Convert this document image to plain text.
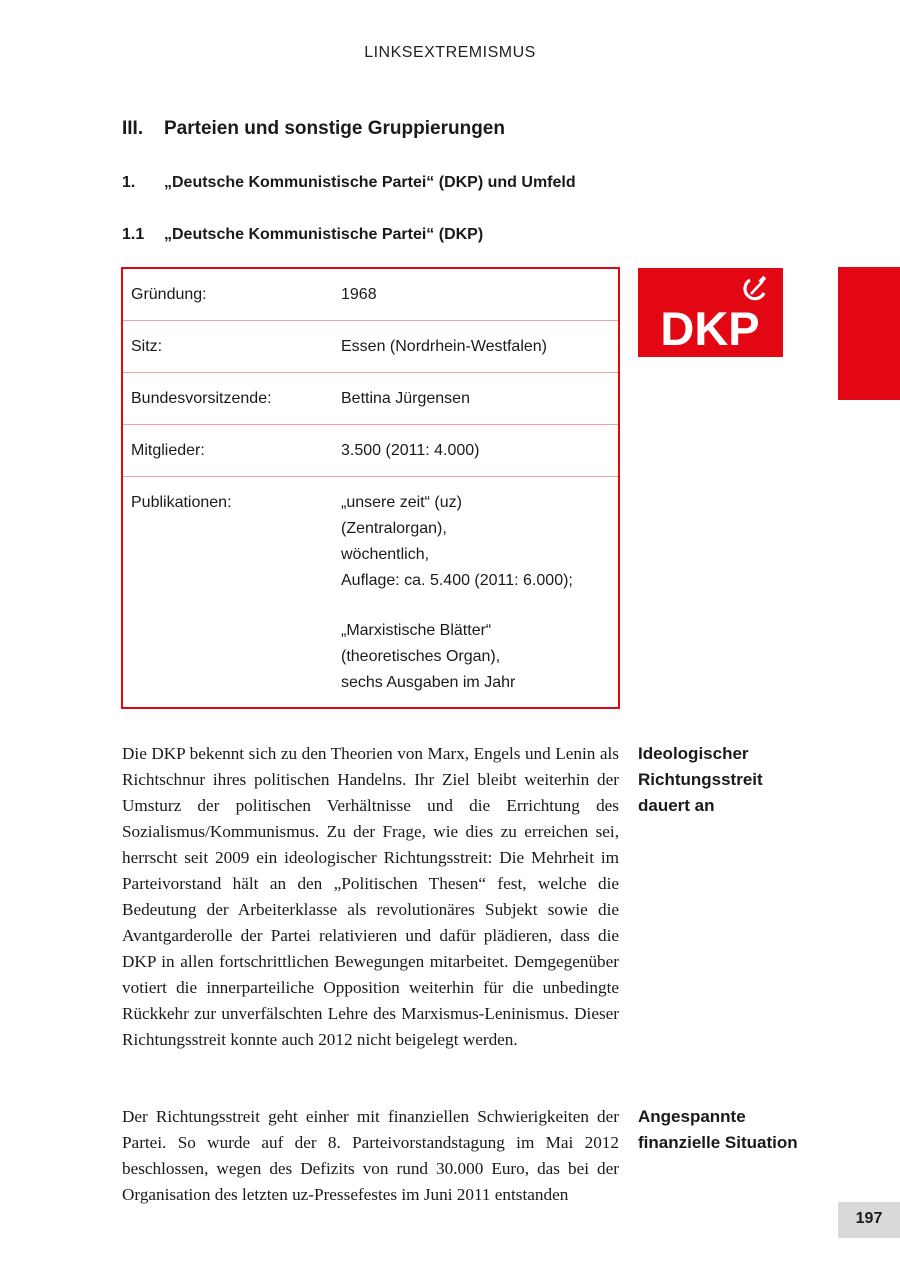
LINKSEXTREMISMUS
III. Parteien und sonstige Gruppierungen
1. „Deutsche Kommunistische Partei“ (DKP) und Umfeld
1.1 „Deutsche Kommunistische Partei“ (DKP)
Gründung:	1968
Sitz:	Essen (Nordrhein-Westfalen)
Bundesvorsitzende:	Bettina Jürgensen
Mitglieder:	3.500 (2011: 4.000)
Publikationen:	„unsere zeit“ (uz)
(Zentralorgan),
wöchentlich,
Auflage: ca. 5.400 (2011: 6.000);
„Marxistische Blätter“
(theoretisches Organ),
sechs Ausgaben im Jahr
DKP

Die DKP bekennt sich zu den Theorien von Marx, Engels und Lenin als Richtschnur ihres politischen Handelns. Ihr Ziel bleibt weiterhin der Umsturz der politischen Verhältnisse und die Errichtung des Sozialismus/Kommunismus. Zu der Frage, wie dies zu erreichen sei, herrscht seit 2009 ein ideologischer Richtungsstreit: Die Mehrheit im Parteivorstand hält an den „Politischen Thesen“ fest, welche die Bedeutung der Arbeiterklasse als revolutionäres Subjekt sowie die Avantgarderolle der Partei relativieren und dafür plädieren, dass die DKP in allen fortschrittlichen Bewegungen mitarbeitet. Demgegenüber votiert die innerparteiliche Opposition weiterhin für die unbedingte Rückkehr zur unverfälschten Lehre des Marxismus-Leninismus. Dieser Richtungsstreit konnte auch 2012 nicht beigelegt werden.

Ideologischer
Richtungsstreit
dauert an

Der Richtungsstreit geht einher mit finanziellen Schwierigkeiten der Partei. So wurde auf der 8. Parteivorstandstagung im Mai 2012 beschlossen, wegen des Defizits von rund 30.000 Euro, das bei der Organisation des letzten uz-Pressefestes im Juni 2011 entstanden

Angespannte
finanzielle Situation
197
